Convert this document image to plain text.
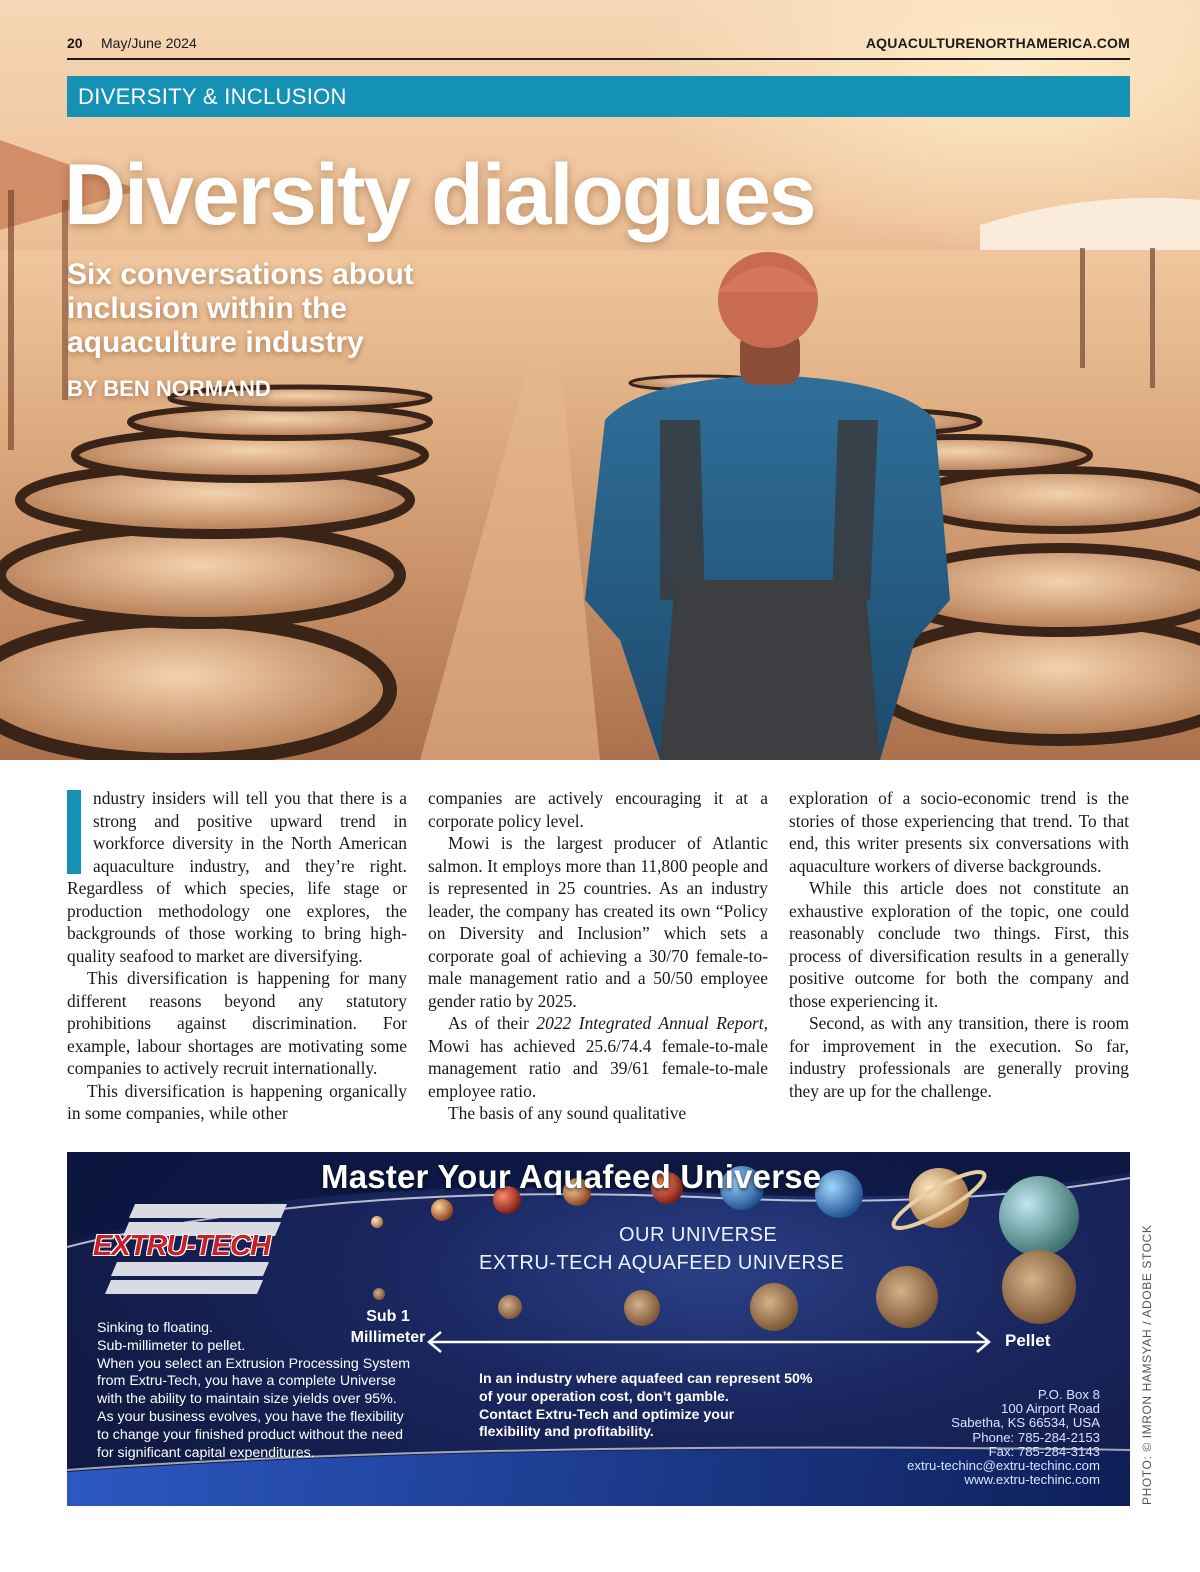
20 May/June 2024	AQUACULTURENORTHAMERICA.COM
DIVERSITY & INCLUSION
Diversity dialogues
Six conversations about inclusion within the aquaculture industry
BY BEN NORMAND

ndustry insiders will tell you that there is a strong and positive upward trend in workforce diversity in the North American aquaculture industry, and they’re right. Regardless of which species, life stage or production methodology one explores, the backgrounds of those working to bring high-quality seafood to market are diversifying.

This diversification is happening for many different reasons beyond any statutory prohibitions against discrimination. For example, labour shortages are motivating some companies to actively recruit internationally.

This diversification is happening organically in some companies, while other

companies are actively encouraging it at a corporate policy level.

Mowi is the largest producer of Atlantic salmon. It employs more than 11,800 people and is represented in 25 countries. As an industry leader, the company has created its own “Policy on Diversity and Inclusion” which sets a corporate goal of achieving a 30/70 female-to-male management ratio and a 50/50 employee gender ratio by 2025.

As of their 2022 Integrated Annual Report, Mowi has achieved 25.6/74.4 female-to-male management ratio and 39/61 female-to-male employee ratio.

The basis of any sound qualitative

exploration of a socio-economic trend is the stories of those experiencing that trend. To that end, this writer presents six conversations with aquaculture workers of diverse backgrounds.

While this article does not constitute an exhaustive exploration of the topic, one could reasonably conclude two things. First, this process of diversification results in a generally positive outcome for both the company and those experiencing it.

Second, as with any transition, there is room for improvement in the execution. So far, industry professionals are generally proving they are up for the challenge.

Master Your Aquafeed Universe
EXTRU-TECH	OUR UNIVERSE
EXTRU-TECH AQUAFEED UNIVERSE
Sub 1
Millimeter	Pellet
Sinking to floating.
Sub-millimeter to pellet.
When you select an Extrusion Processing System
from Extru-Tech, you have a complete Universe
with the ability to maintain size yields over 95%.
As your business evolves, you have the flexibility
to change your finished product without the need
for significant capital expenditures.
In an industry where aquafeed can represent 50%
of your operation cost, don’t gamble.
Contact Extru-Tech and optimize your
flexibility and profitability.
P.O. Box 8
100 Airport Road
Sabetha, KS 66534, USA
Phone: 785-284-2153
Fax: 785-284-3143
extru-techinc@extru-techinc.com
www.extru-techinc.com	PHOTO: © IMRON HAMSYAH / ADOBE STOCK
